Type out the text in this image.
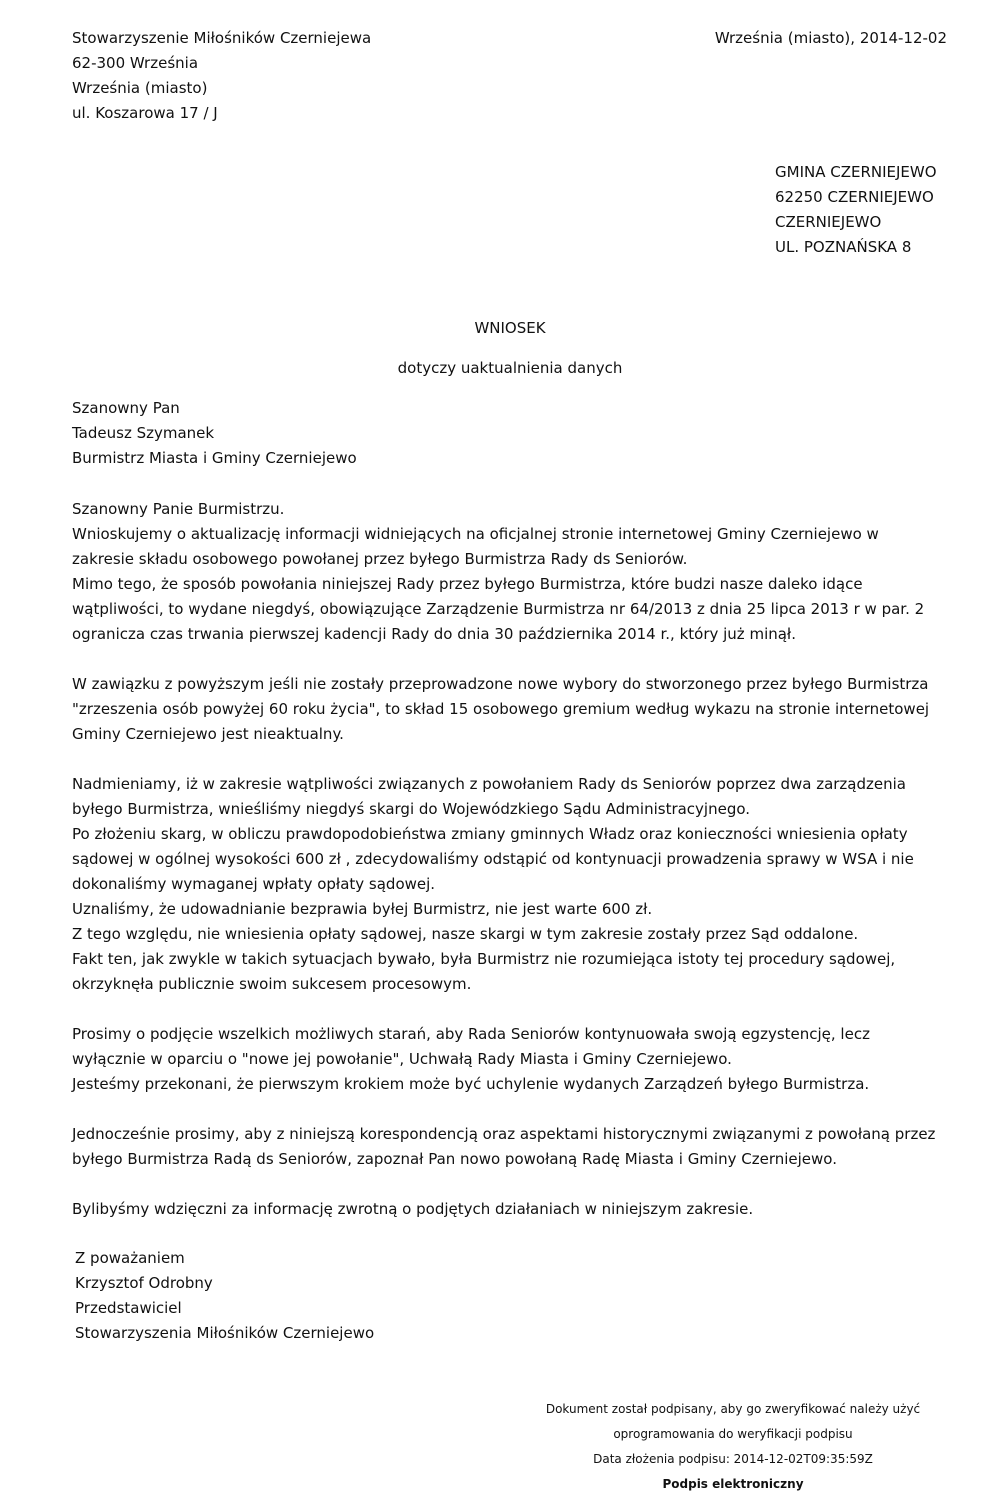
Stowarzyszenie Miłośników Czerniejewa
62-300 Września
Września (miasto)
ul. Koszarowa 17 / J
Września (miasto), 2014-12-02
GMINA CZERNIEJEWO
62250 CZERNIEJEWO
CZERNIEJEWO
UL. POZNAŃSKA 8
WNIOSEK
dotyczy uaktualnienia danych
Szanowny Pan
Tadeusz Szymanek
Burmistrz Miasta i Gminy Czerniejewo

Szanowny Panie Burmistrzu.
Wnioskujemy o aktualizację informacji widniejących na oficjalnej stronie internetowej Gminy Czerniejewo w
zakresie składu osobowego powołanej przez byłego Burmistrza Rady ds Seniorów.
Mimo tego, że sposób powołania niniejszej Rady przez byłego Burmistrza, które budzi nasze daleko idące
wątpliwości, to wydane niegdyś, obowiązujące Zarządzenie Burmistrza nr 64/2013 z dnia 25 lipca 2013 r w par. 2
ogranicza czas trwania pierwszej kadencji Rady do dnia 30 października 2014 r., który już minął.

W zawiązku z powyższym jeśli nie zostały przeprowadzone nowe wybory do stworzonego przez byłego Burmistrza
"zrzeszenia osób powyżej 60 roku życia", to skład 15 osobowego gremium według wykazu na stronie internetowej
Gminy Czerniejewo jest nieaktualny.

Nadmieniamy, iż w zakresie wątpliwości związanych z powołaniem Rady ds Seniorów poprzez dwa zarządzenia
byłego Burmistrza, wnieśliśmy niegdyś skargi do Wojewódzkiego Sądu Administracyjnego.
Po złożeniu skarg, w obliczu prawdopodobieństwa zmiany gminnych Władz oraz konieczności wniesienia opłaty
sądowej w ogólnej wysokości 600 zł , zdecydowaliśmy odstąpić od kontynuacji prowadzenia sprawy w WSA i nie
dokonaliśmy wymaganej wpłaty opłaty sądowej.
Uznaliśmy, że udowadnianie bezprawia byłej Burmistrz, nie jest warte 600 zł.
Z tego względu, nie wniesienia opłaty sądowej, nasze skargi w tym zakresie zostały przez Sąd oddalone.
Fakt ten, jak zwykle w takich sytuacjach bywało, była Burmistrz nie rozumiejąca istoty tej procedury sądowej,
okrzyknęła publicznie swoim sukcesem procesowym.

Prosimy o podjęcie wszelkich możliwych starań, aby Rada Seniorów kontynuowała swoją egzystencję, lecz
wyłącznie w oparciu o "nowe jej powołanie", Uchwałą Rady Miasta i Gminy Czerniejewo.
Jesteśmy przekonani, że pierwszym krokiem może być uchylenie wydanych Zarządzeń byłego Burmistrza.

Jednocześnie prosimy, aby z niniejszą korespondencją oraz aspektami historycznymi związanymi z powołaną przez
byłego Burmistrza Radą ds Seniorów, zapoznał Pan nowo powołaną Radę Miasta i Gminy Czerniejewo.

Bylibyśmy wdzięczni za informację zwrotną o podjętych działaniach w niniejszym zakresie.

Z poważaniem
Krzysztof Odrobny
Przedstawiciel
Stowarzyszenia Miłośników Czerniejewo
Dokument został podpisany, aby go zweryfikować należy użyć
oprogramowania do weryfikacji podpisu
Data złożenia podpisu: 2014-12-02T09:35:59Z
Podpis elektroniczny
